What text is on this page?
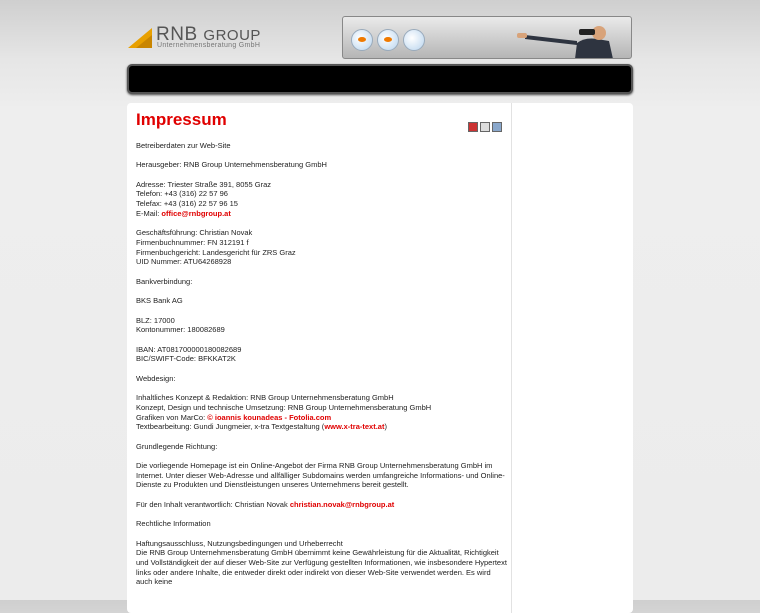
RNB GROUP
Unternehmensberatung GmbH
Impressum
Betreiberdaten zur Web-Site
Herausgeber: RNB Group Unternehmensberatung GmbH
Adresse: Triester Straße 391, 8055 Graz
Telefon: +43 (316) 22 57 96
Telefax: +43 (316) 22 57 96 15
E-Mail: office@rnbgroup.at
Geschäftsführung: Christian Novak
Firmenbuchnummer: FN 312191 f
Firmenbuchgericht: Landesgericht für ZRS Graz
UID Nummer: ATU64268928
Bankverbindung:
BKS Bank AG
BLZ: 17000
Kontonummer: 180082689
IBAN: AT081700000180082689
BIC/SWIFT-Code: BFKKAT2K
Webdesign:
Inhaltliches Konzept & Redaktion: RNB Group Unternehmensberatung GmbH
Konzept, Design und technische Umsetzung: RNB Group Unternehmensberatung GmbH
Grafiken von MarCo: © ioannis kounadeas - Fotolia.com
Textbearbeitung: Gundi Jungmeier, x-tra Textgestaltung (www.x-tra-text.at)
Grundlegende Richtung:
Die vorliegende Homepage ist ein Online-Angebot der Firma RNB Group Unternehmensberatung GmbH im Internet. Unter dieser Web-Adresse und allfälliger Subdomains werden umfangreiche Informations- und Online-Dienste zu Produkten und Dienstleistungen unseres Unternehmens bereit gestellt.
Für den Inhalt verantwortlich: Christian Novak christian.novak@rnbgroup.at
Rechtliche Information
Haftungsausschluss, Nutzungsbedingungen und Urheberrecht
Die RNB Group Unternehmensberatung GmbH übernimmt keine Gewährleistung für die Aktualität, Richtigkeit und Vollständigkeit der auf dieser Web-Site zur Verfügung gestellten Informationen, wie insbesondere Hypertext links oder andere Inhalte, die entweder direkt oder indirekt von dieser Web-Site verwendet werden. Es wird auch keine
